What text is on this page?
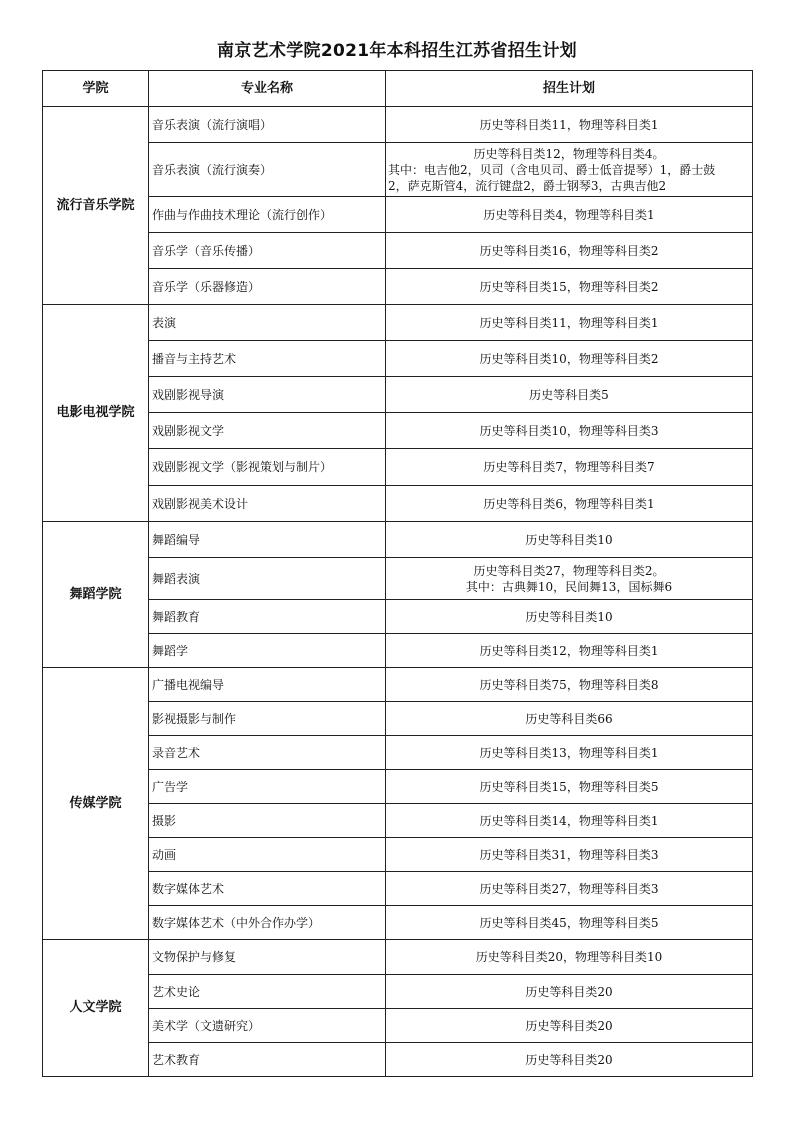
南京艺术学院2021年本科招生江苏省招生计划
学院	专业名称	招生计划
流行音乐学院	音乐表演（流行演唱）	历史等科目类11，物理等科目类1

	音乐表演（流行演奏）	历史等科目类12，物理等科目类4。
其中：电吉他2，贝司（含电贝司、爵士低音提琴）1，爵士鼓
2，萨克斯管4，流行键盘2，爵士钢琴3，古典吉他2

	作曲与作曲技术理论（流行创作）	历史等科目类4，物理等科目类1

	音乐学（音乐传播）	历史等科目类16，物理等科目类2

	音乐学（乐器修造）	历史等科目类15，物理等科目类2

电影电视学院	表演	历史等科目类11，物理等科目类1

	播音与主持艺术	历史等科目类10，物理等科目类2

	戏剧影视导演	历史等科目类5

	戏剧影视文学	历史等科目类10，物理等科目类3

	戏剧影视文学（影视策划与制片）	历史等科目类7，物理等科目类7

	戏剧影视美术设计	历史等科目类6，物理等科目类1

舞蹈学院	舞蹈编导	历史等科目类10

	舞蹈表演	历史等科目类27，物理等科目类2。
其中：古典舞10，民间舞13，国标舞6

	舞蹈教育	历史等科目类10

	舞蹈学	历史等科目类12，物理等科目类1

传媒学院	广播电视编导	历史等科目类75，物理等科目类8

	影视摄影与制作	历史等科目类66

	录音艺术	历史等科目类13，物理等科目类1

	广告学	历史等科目类15，物理等科目类5

	摄影	历史等科目类14，物理等科目类1

	动画	历史等科目类31，物理等科目类3

	数字媒体艺术	历史等科目类27，物理等科目类3

	数字媒体艺术（中外合作办学）	历史等科目类45，物理等科目类5

人文学院	文物保护与修复	历史等科目类20，物理等科目类10

	艺术史论	历史等科目类20

	美术学（文遗研究）	历史等科目类20

	艺术教育	历史等科目类20
